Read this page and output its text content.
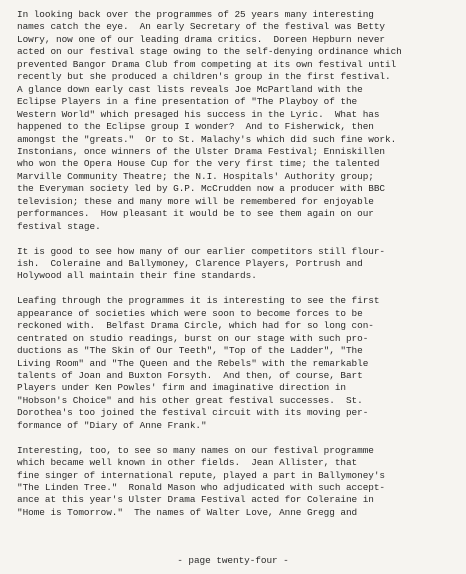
In looking back over the programmes of 25 years many interesting
names catch the eye.  An early Secretary of the festival was Betty
Lowry, now one of our leading drama critics.  Doreen Hepburn never
acted on our festival stage owing to the self-denying ordinance which
prevented Bangor Drama Club from competing at its own festival until
recently but she produced a children's group in the first festival.
A glance down early cast lists reveals Joe McPartland with the
Eclipse Players in a fine presentation of "The Playboy of the
Western World" which presaged his success in the Lyric.  What has
happened to the Eclipse group I wonder?  And to Fisherwick, then
amongst the "greats."  Or to St. Malachy's which did such fine work.
Instonians, once winners of the Ulster Drama Festival; Enniskillen
who won the Opera House Cup for the very first time; the talented
Marville Community Theatre; the N.I. Hospitals' Authority group;
the Everyman society led by G.P. McCrudden now a producer with BBC
television; these and many more will be remembered for enjoyable
performances.  How pleasant it would be to see them again on our
festival stage.
It is good to see how many of our earlier competitors still flour-
ish.  Coleraine and Ballymoney, Clarence Players, Portrush and
Holywood all maintain their fine standards.
Leafing through the programmes it is interesting to see the first
appearance of societies which were soon to become forces to be
reckoned with.  Belfast Drama Circle, which had for so long con-
centrated on studio readings, burst on our stage with such pro-
ductions as "The Skin of Our Teeth", "Top of the Ladder", "The
Living Room" and "The Queen and the Rebels" with the remarkable
talents of Joan and Buxton Forsyth.  And then, of course, Bart
Players under Ken Powles' firm and imaginative direction in
"Hobson's Choice" and his other great festival successes.  St.
Dorothea's too joined the festival circuit with its moving per-
formance of "Diary of Anne Frank."
Interesting, too, to see so many names on our festival programme
which became well known in other fields.  Jean Allister, that
fine singer of international repute, played a part in Ballymoney's
"The Linden Tree."  Ronald Mason who adjudicated with such accept-
ance at this year's Ulster Drama Festival acted for Coleraine in
"Home is Tomorrow."  The names of Walter Love, Anne Gregg and
- page twenty-four -
